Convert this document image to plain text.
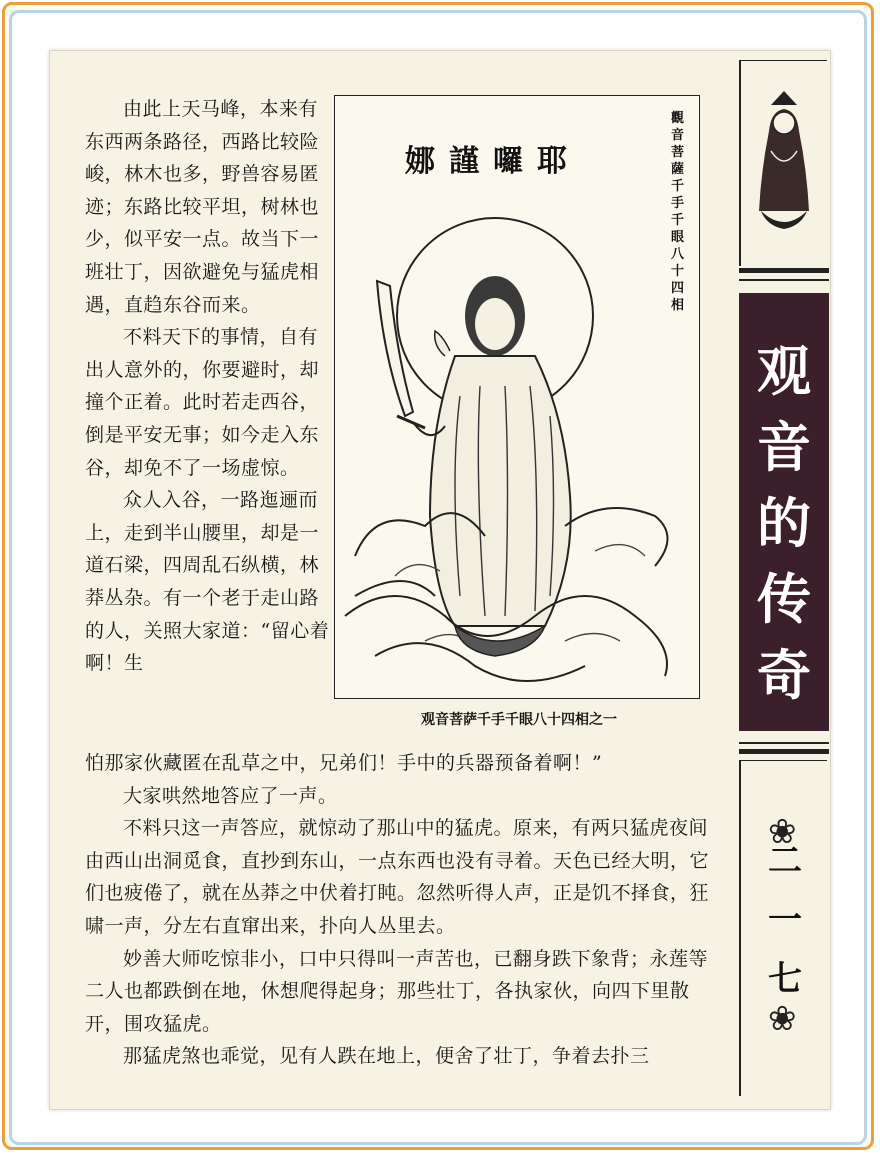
由此上天马峰，本来有东西两条路径，西路比较险峻，林木也多，野兽容易匿迹；东路比较平坦，树林也少，似平安一点。故当下一班壮丁，因欲避免与猛虎相遇，直趋东谷而来。

不料天下的事情，自有出人意外的，你要避时，却撞个正着。此时若走西谷，倒是平安无事；如今走入东谷，却免不了一场虚惊。

众人入谷，一路迤逦而上，走到半山腰里，却是一道石梁，四周乱石纵横，林莽丛杂。有一个老于走山路的人，关照大家道：“留心着啊！生

怕那家伙藏匿在乱草之中，兄弟们！手中的兵器预备着啊！”

大家哄然地答应了一声。

不料只这一声答应，就惊动了那山中的猛虎。原来，有两只猛虎夜间由西山出洞觅食，直抄到东山，一点东西也没有寻着。天色已经大明，它们也疲倦了，就在丛莽之中伏着打盹。忽然听得人声，正是饥不择食，狂啸一声，分左右直窜出来，扑向人丛里去。

妙善大师吃惊非小，口中只得叫一声苦也，已翻身跌下象背；永莲等二人也都跌倒在地，休想爬得起身；那些壮丁，各执家伙，向四下里散开，围攻猛虎。

那猛虎煞也乖觉，见有人跌在地上，便舍了壮丁，争着去扑三

娜謹囉耶
觀音菩薩千手千眼八十四相
观音菩萨千手千眼八十四相之一
观音的传奇
❀
二一七
❀
